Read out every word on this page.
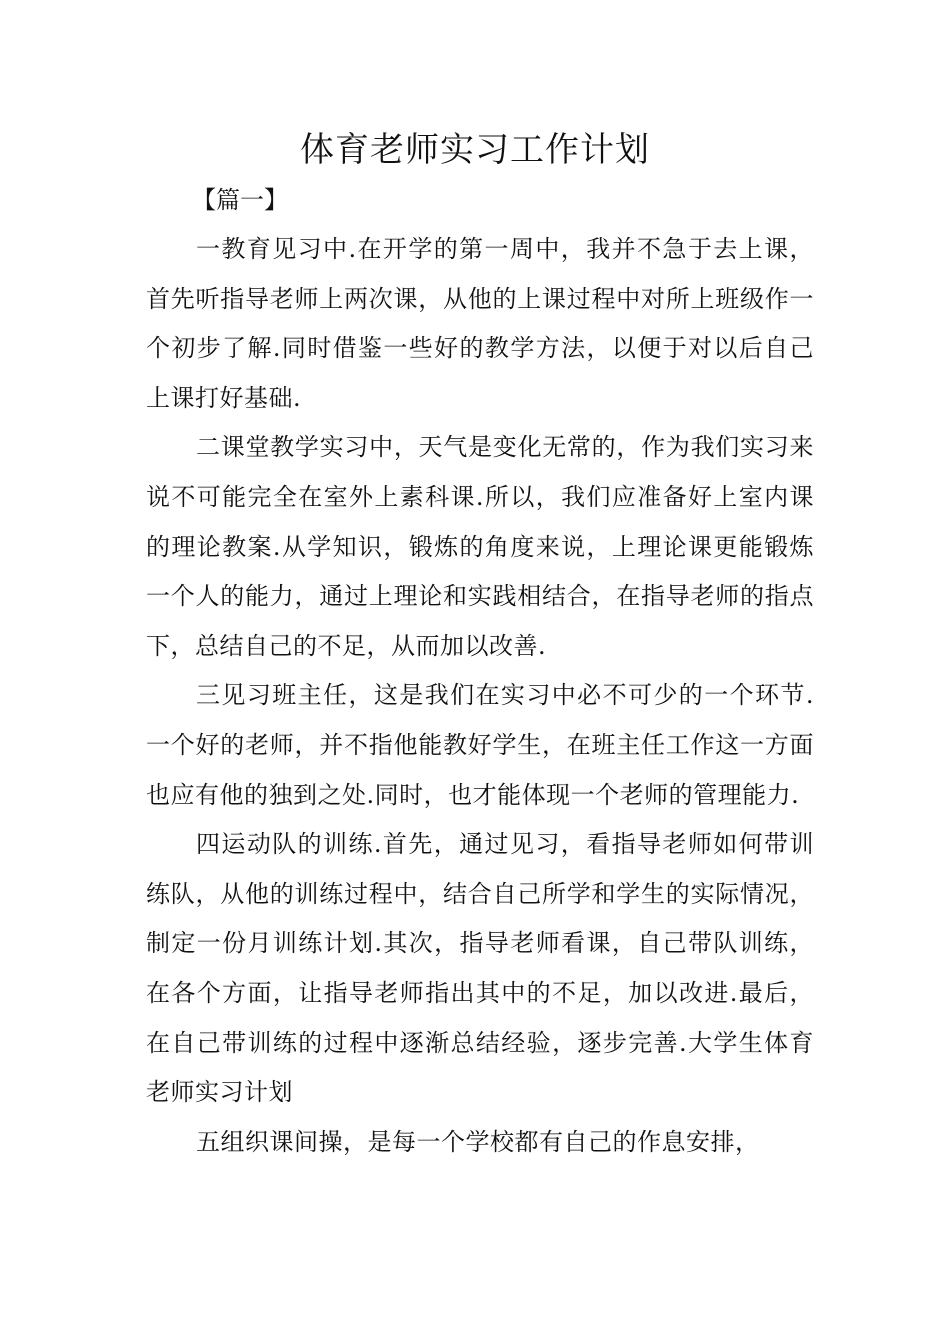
体育老师实习工作计划

【篇一】

一教育见习中.在开学的第一周中，我并不急于去上课，首先听指导老师上两次课，从他的上课过程中对所上班级作一个初步了解.同时借鉴一些好的教学方法，以便于对以后自己上课打好基础.

二课堂教学实习中，天气是变化无常的，作为我们实习来说不可能完全在室外上素科课.所以，我们应准备好上室内课的理论教案.从学知识，锻炼的角度来说，上理论课更能锻炼一个人的能力，通过上理论和实践相结合，在指导老师的指点下，总结自己的不足，从而加以改善.

三见习班主任，这是我们在实习中必不可少的一个环节.一个好的老师，并不指他能教好学生，在班主任工作这一方面也应有他的独到之处.同时，也才能体现一个老师的管理能力.

四运动队的训练.首先，通过见习，看指导老师如何带训练队，从他的训练过程中，结合自己所学和学生的实际情况，制定一份月训练计划.其次，指导老师看课，自己带队训练，在各个方面，让指导老师指出其中的不足，加以改进.最后，在自己带训练的过程中逐渐总结经验，逐步完善.大学生体育老师实习计划

五组织课间操，是每一个学校都有自己的作息安排，
